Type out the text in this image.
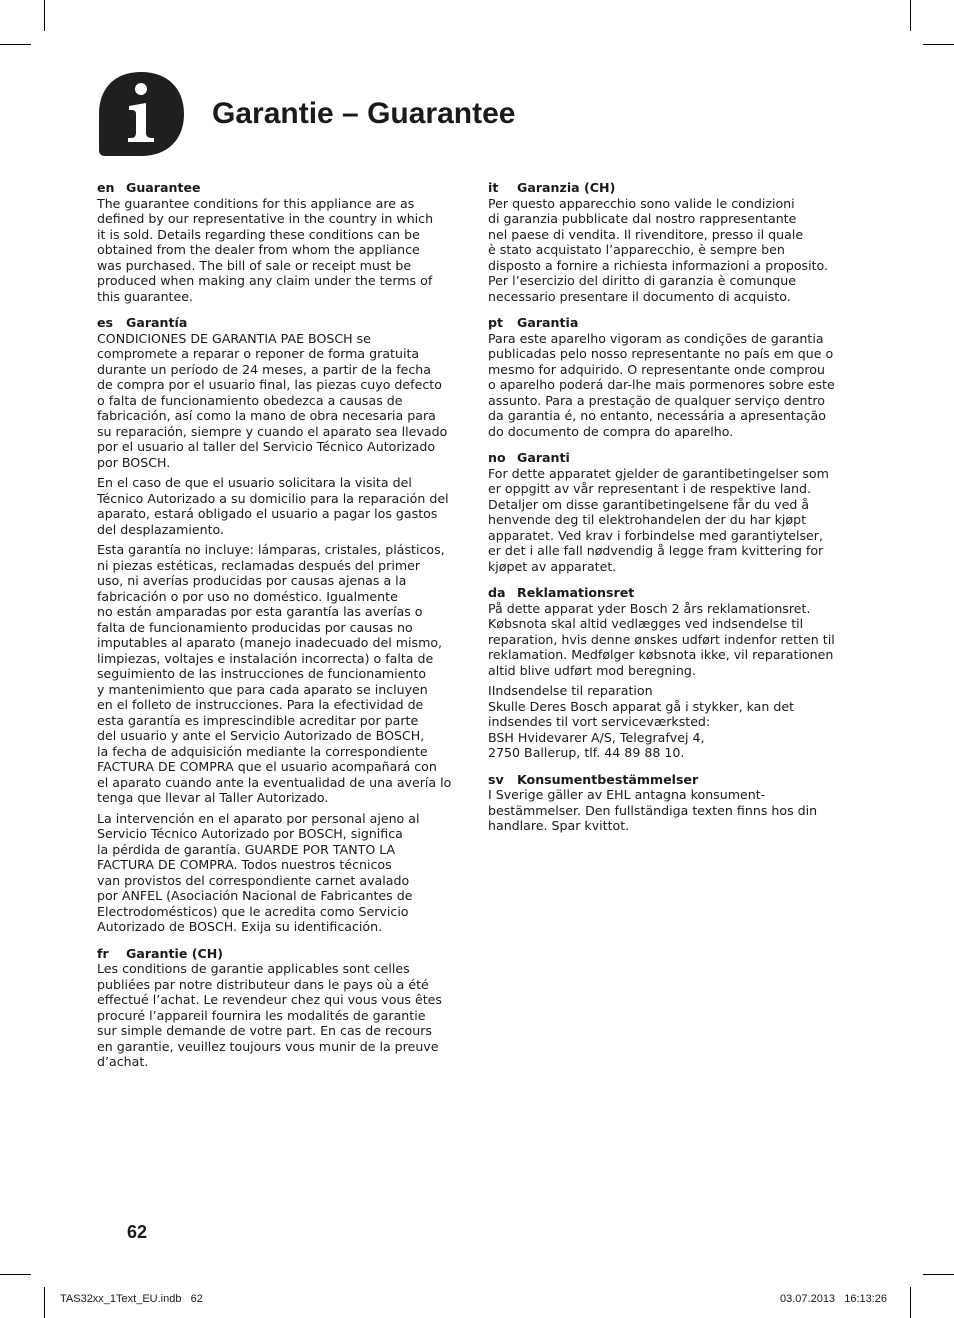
Garantie – Guarantee

en Guarantee

The guarantee conditions for this appliance are as
defined by our representative in the country in which
it is sold. Details regarding these conditions can be
obtained from the dealer from whom the appliance
was purchased. The bill of sale or receipt must be
produced when making any claim under the terms of
this guarantee.

es Garantía

CONDICIONES DE GARANTIA PAE BOSCH se
compromete a reparar o reponer de forma gratuita
durante un período de 24 meses, a partir de la fecha
de compra por el usuario final, las piezas cuyo defecto
o falta de funcionamiento obedezca a causas de
fabricación, así como la mano de obra necesaria para
su reparación, siempre y cuando el aparato sea llevado
por el usuario al taller del Servicio Técnico Autorizado
por BOSCH.

En el caso de que el usuario solicitara la visita del
Técnico Autorizado a su domicilio para la reparación del
aparato, estará obligado el usuario a pagar los gastos
del desplazamiento.

Esta garantía no incluye: lámparas, cristales, plásticos,
ni piezas estéticas, reclamadas después del primer
uso, ni averías producidas por causas ajenas a la
fabricación o por uso no doméstico. Igualmente
no están amparadas por esta garantía las averías o
falta de funcionamiento producidas por causas no
imputables al aparato (manejo inadecuado del mismo,
limpiezas, voltajes e instalación incorrecta) o falta de
seguimiento de las instrucciones de funcionamiento
y mantenimiento que para cada aparato se incluyen
en el folleto de instrucciones. Para la efectividad de
esta garantía es imprescindible acreditar por parte
del usuario y ante el Servicio Autorizado de BOSCH,
la fecha de adquisición mediante la correspondiente
FACTURA DE COMPRA que el usuario acompañará con
el aparato cuando ante la eventualidad de una avería lo
tenga que llevar al Taller Autorizado.

La intervención en el aparato por personal ajeno al
Servicio Técnico Autorizado por BOSCH, significa
la pérdida de garantía. GUARDE POR TANTO LA
FACTURA DE COMPRA. Todos nuestros técnicos
van provistos del correspondiente carnet avalado
por ANFEL (Asociación Nacional de Fabricantes de
Electrodomésticos) que le acredita como Servicio
Autorizado de BOSCH. Exija su identificación.

fr Garantie (CH)

Les conditions de garantie applicables sont celles
publiées par notre distributeur dans le pays où a été
effectué l’achat. Le revendeur chez qui vous vous êtes
procuré l’appareil fournira les modalités de garantie
sur simple demande de votre part. En cas de recours
en garantie, veuillez toujours vous munir de la preuve
d’achat.

it Garanzia (CH)

Per questo apparecchio sono valide le condizioni
di garanzia pubblicate dal nostro rappresentante
nel paese di vendita. Il rivenditore, presso il quale
è stato acquistato l’apparecchio, è sempre ben
disposto a fornire a richiesta informazioni a proposito.
Per l’esercizio del diritto di garanzia è comunque
necessario presentare il documento di acquisto.

pt Garantia

Para este aparelho vigoram as condições de garantia
publicadas pelo nosso representante no país em que o
mesmo for adquirido. O representante onde comprou
o aparelho poderá dar-lhe mais pormenores sobre este
assunto. Para a prestação de qualquer serviço dentro
da garantia é, no entanto, necessária a apresentação
do documento de compra do aparelho.

no Garanti

For dette apparatet gjelder de garantibetingelser som
er oppgitt av vår representant i de respektive land.
Detaljer om disse garantibetingelsene får du ved å
henvende deg til elektrohandelen der du har kjøpt
apparatet. Ved krav i forbindelse med garantiytelser,
er det i alle fall nødvendig å legge fram kvittering for
kjøpet av apparatet.

da Reklamationsret

På dette apparat yder Bosch 2 års reklamationsret.
Købsnota skal altid vedlægges ved indsendelse til
reparation, hvis denne ønskes udført indenfor retten til
reklamation. Medfølger købsnota ikke, vil reparationen
altid blive udført mod beregning.

IIndsendelse til reparation
Skulle Deres Bosch apparat gå i stykker, kan det
indsendes til vort serviceværksted:
BSH Hvidevarer A/S, Telegrafvej 4,
2750 Ballerup, tlf. 44 89 88 10.

sv Konsumentbestämmelser

I Sverige gäller av EHL antagna konsument-
bestämmelser. Den fullständiga texten finns hos din
handlare. Spar kvittot.

62
TAS32xx_1Text_EU.indb   62	03.07.2013   16:13:26
